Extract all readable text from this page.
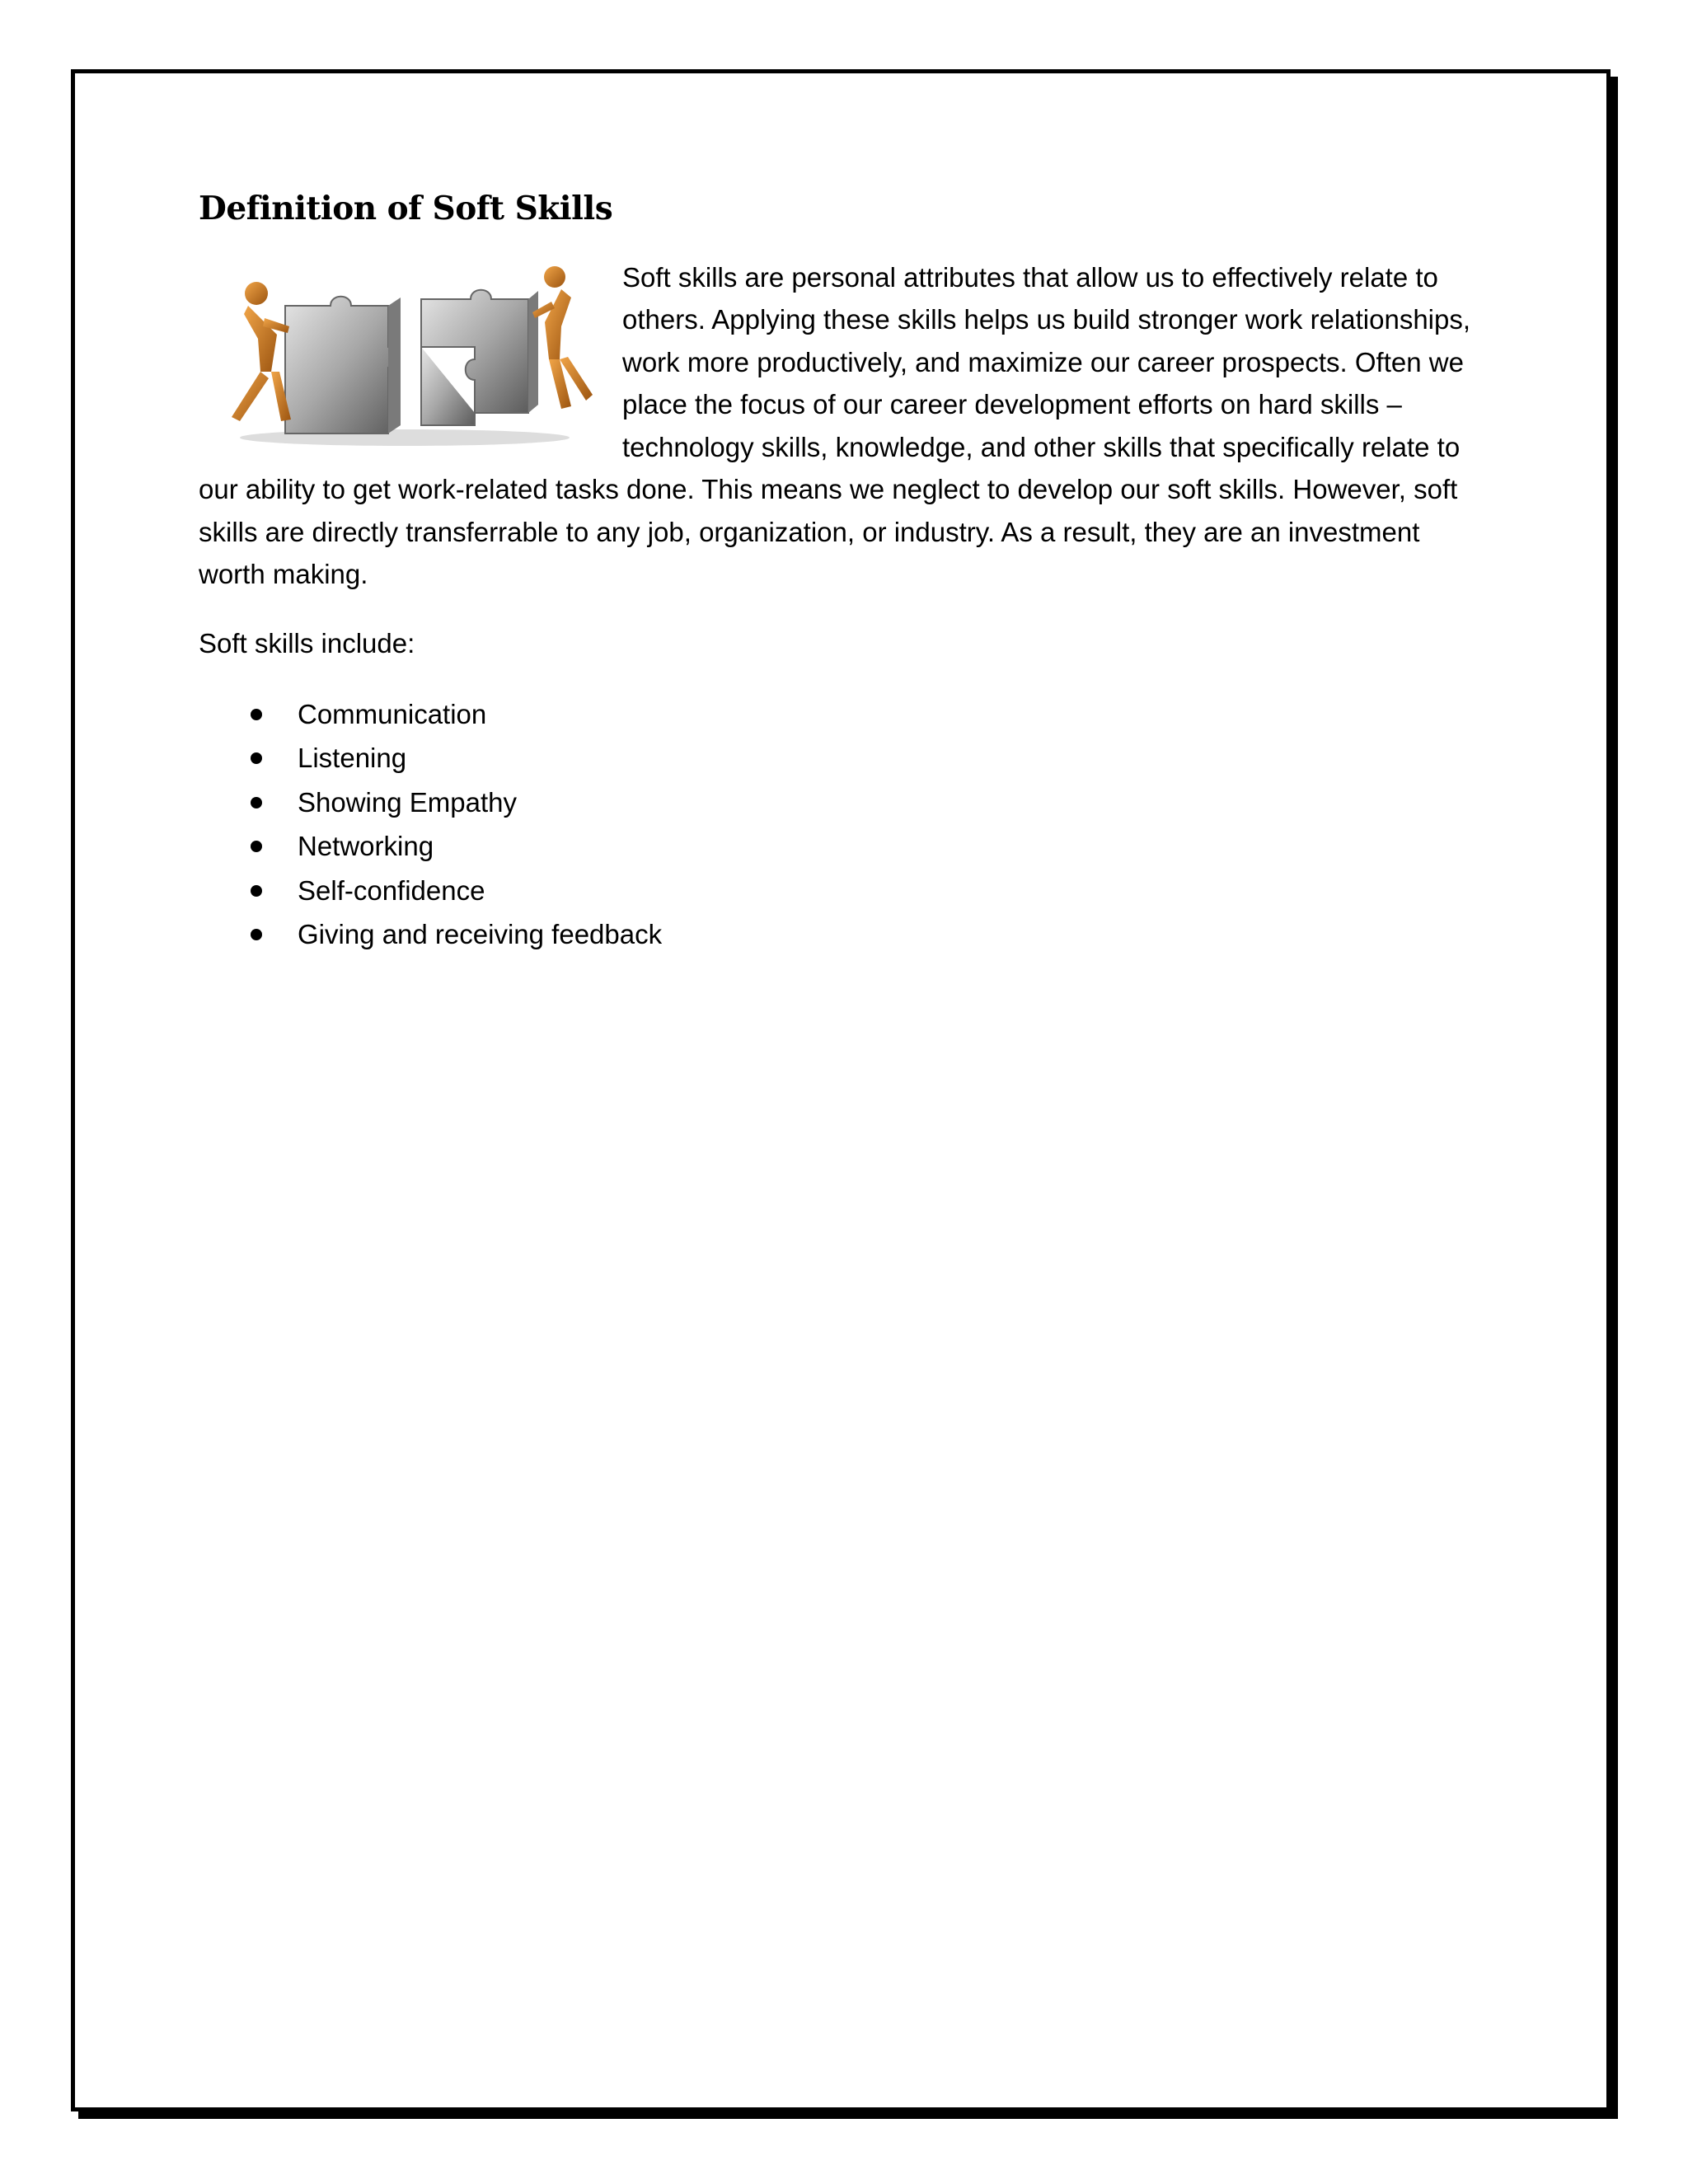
Definition of Soft Skills

Soft skills are personal attributes that allow us to effectively relate to others. Applying these skills helps us build stronger work relationships, work more productively, and maximize our career prospects. Often we place the focus of our career development efforts on hard skills – technology skills, knowledge, and other skills that specifically relate to our ability to get work-related tasks done. This means we neglect to develop our soft skills. However, soft skills are directly transferrable to any job, organization, or industry. As a result, they are an investment worth making.

Soft skills include:

Communication
Listening
Showing Empathy
Networking
Self-confidence
Giving and receiving feedback
